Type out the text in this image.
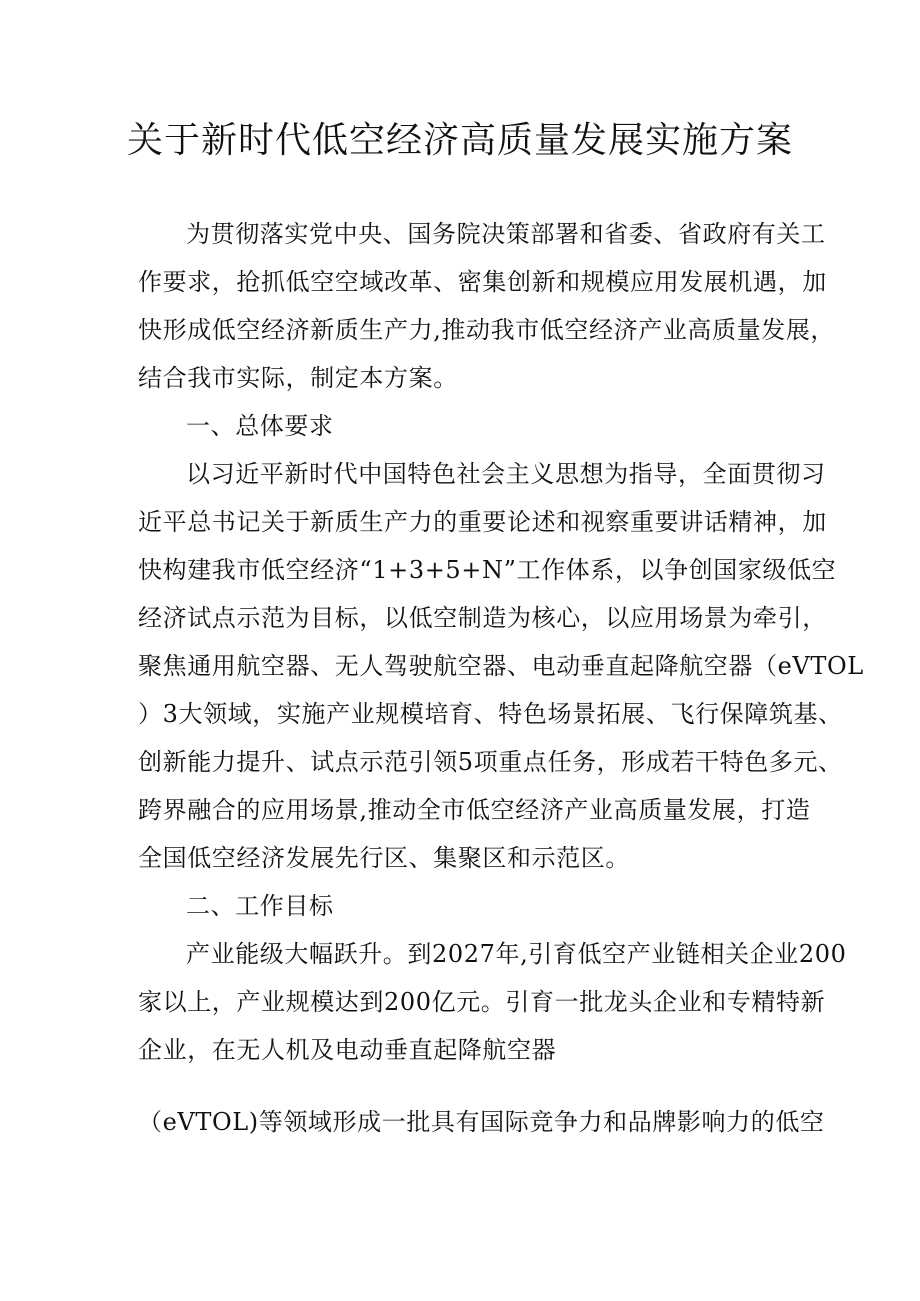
关于新时代低空经济高质量发展实施方案
为贯彻落实党中央、国务院决策部署和省委、省政府有关工
作要求，抢抓低空空域改革、密集创新和规模应用发展机遇，加
快形成低空经济新质生产力,推动我市低空经济产业高质量发展，
结合我市实际，制定本方案。
一、总体要求
以习近平新时代中国特色社会主义思想为指导，全面贯彻习
近平总书记关于新质生产力的重要论述和视察重要讲话精神，加
快构建我市低空经济“1+3+5+N”工作体系，以争创国家级低空
经济试点示范为目标，以低空制造为核心，以应用场景为牵引，
聚焦通用航空器、无人驾驶航空器、电动垂直起降航空器（eVTOL
）3大领域，实施产业规模培育、特色场景拓展、飞行保障筑基、
创新能力提升、试点示范引领5项重点任务，形成若干特色多元、
跨界融合的应用场景,推动全市低空经济产业高质量发展，打造
全国低空经济发展先行区、集聚区和示范区。
二、工作目标
产业能级大幅跃升。到2027年,引育低空产业链相关企业200
家以上，产业规模达到200亿元。引育一批龙头企业和专精特新
企业，在无人机及电动垂直起降航空器
（eVTOL)等领域形成一批具有国际竞争力和品牌影响力的低空
